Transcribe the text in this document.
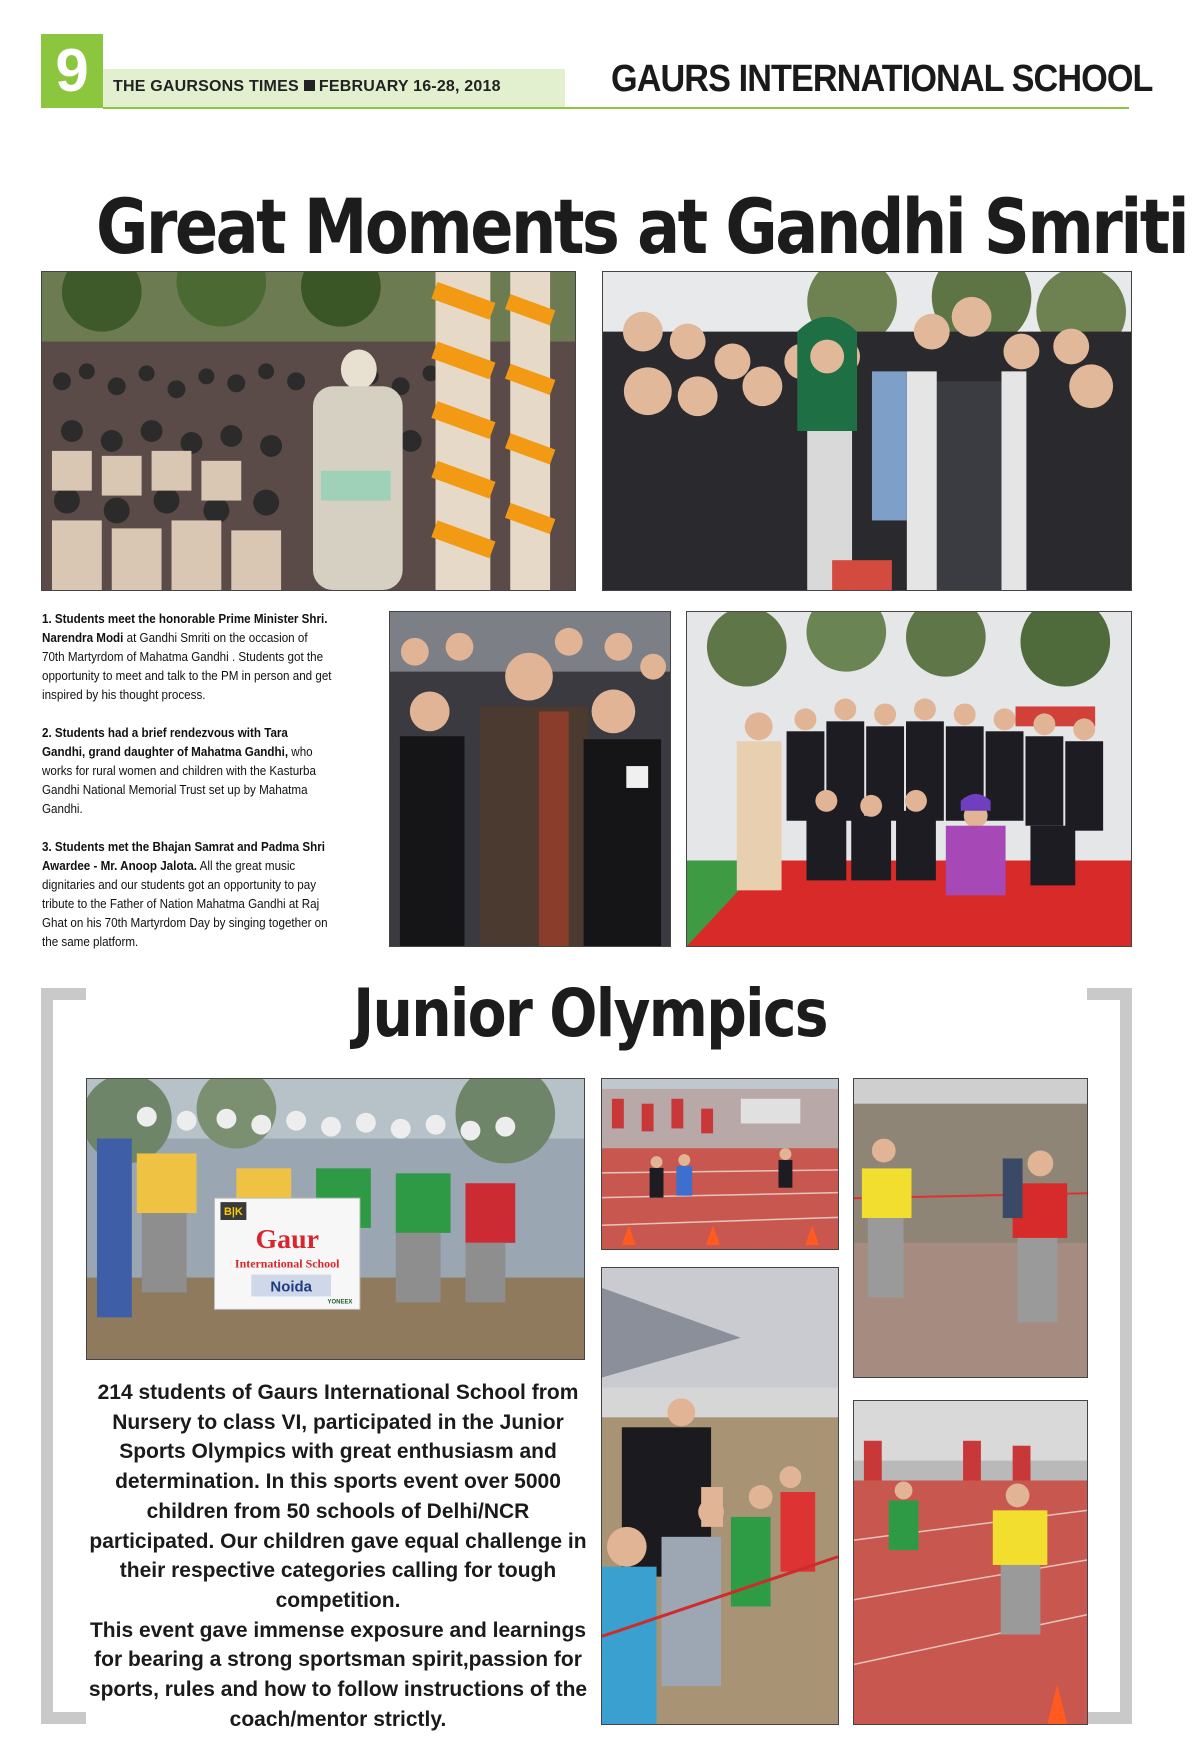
9	THE GAURSONS TIMES FEBRUARY 16-28, 2018	GAURS INTERNATIONAL SCHOOL
Great Moments at Gandhi Smriti

1. Students meet the honorable Prime Minister Shri. Narendra Modi at Gandhi Smriti on the occasion of 70th Martyrdom of Mahatma Gandhi . Students got the opportunity to meet and talk to the PM in person and get inspired by his thought process.

2. Students had a brief rendezvous with Tara Gandhi, grand daughter of Mahatma Gandhi, who works for rural women and children with the Kasturba Gandhi National Memorial Trust set up by Mahatma Gandhi.

3. Students met the Bhajan Samrat and Padma Shri Awardee - Mr. Anoop Jalota. All the great music dignitaries and our students got an opportunity to pay tribute to the Father of Nation Mahatma Gandhi at Raj Ghat on his 70th Martyrdom Day by singing together on the same platform.

Junior Olympics
B|K
Gaur
International School
Noida
YONEEX

214 students of Gaurs International School from Nursery to class VI, participated in the Junior Sports Olympics with great enthusiasm and determination. In this sports event over 5000 children from 50 schools of Delhi/NCR participated. Our children gave equal challenge in their respective categories calling for tough competition.

This event gave immense exposure and learnings for bearing a strong sportsman spirit,passion for sports, rules and how to follow instructions of the coach/mentor strictly.
